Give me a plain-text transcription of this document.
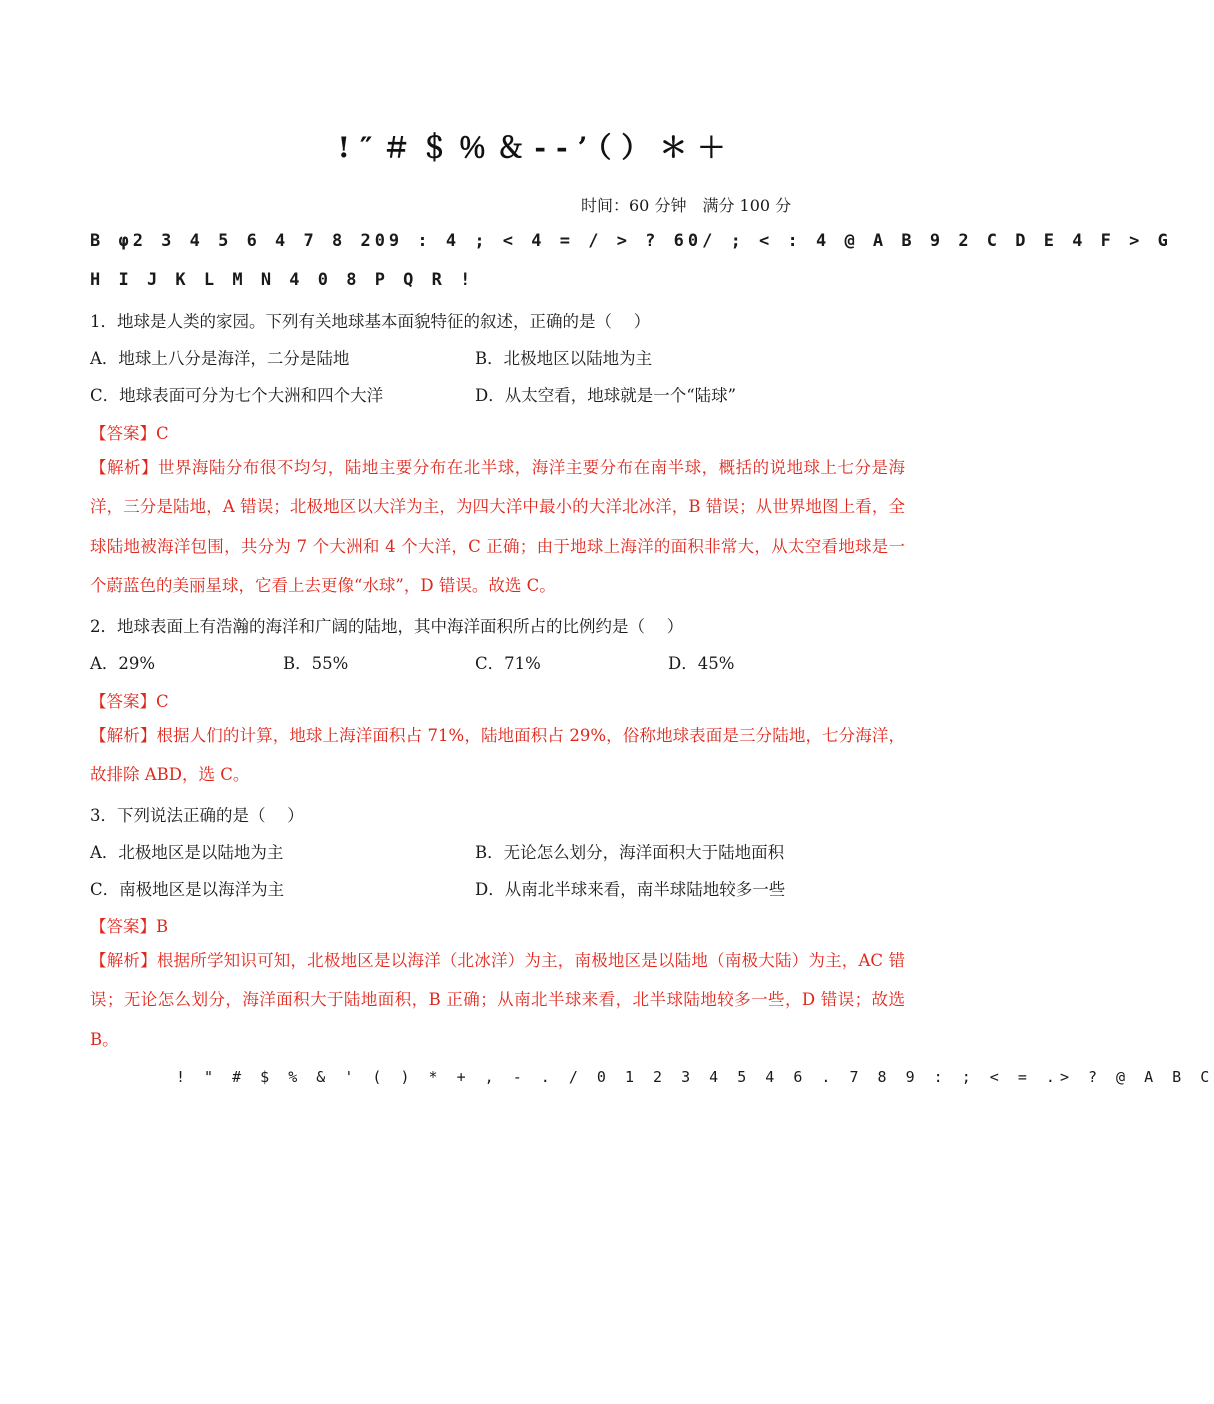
!″＃＄％＆‐‐’（）＊＋
时间：60 分钟　满分 100 分
B φ2 3 4 5 6 4 7 8 209 : 4 ; < 4 = / > ? 60/ ; < : 4 @ A B 9 2 C D E 4 F > G
H I J K L M N 4 0 8 P Q R !
1．地球是人类的家园。下列有关地球基本面貌特征的叙述，正确的是（　 ）
A．地球上八分是海洋，二分是陆地	B．北极地区以陆地为主
C．地球表面可分为七个大洲和四个大洋	D．从太空看，地球就是一个“陆球”
【答案】C
【解析】世界海陆分布很不均匀，陆地主要分布在北半球，海洋主要分布在南半球，概括的说地球上七分是海洋，三分是陆地，A 错误；北极地区以大洋为主，为四大洋中最小的大洋北冰洋，B 错误；从世界地图上看，全球陆地被海洋包围，共分为 7 个大洲和 4 个大洋，C 正确；由于地球上海洋的面积非常大，从太空看地球是一个蔚蓝色的美丽星球，它看上去更像“水球”，D 错误。故选 C。
2．地球表面上有浩瀚的海洋和广阔的陆地，其中海洋面积所占的比例约是（　 ）
A．29%	B．55%	C．71%	D．45%
【答案】C
【解析】根据人们的计算，地球上海洋面积占 71%，陆地面积占 29%，俗称地球表面是三分陆地，七分海洋，故排除 ABD，选 C。
3．下列说法正确的是（　 ）
A．北极地区是以陆地为主	B．无论怎么划分，海洋面积大于陆地面积
C．南极地区是以海洋为主	D．从南北半球来看，南半球陆地较多一些
【答案】B
【解析】根据所学知识可知，北极地区是以海洋（北冰洋）为主，南极地区是以陆地（南极大陆）为主，AC 错误；无论怎么划分，海洋面积大于陆地面积，B 正确；从南北半球来看，北半球陆地较多一些，D 错误；故选 B。
! " # $ % & ' ( ) * + , - . / 0 1 2 3 4 5 4 6 . 7 8 9 : ; < = .> ? @ A B C
